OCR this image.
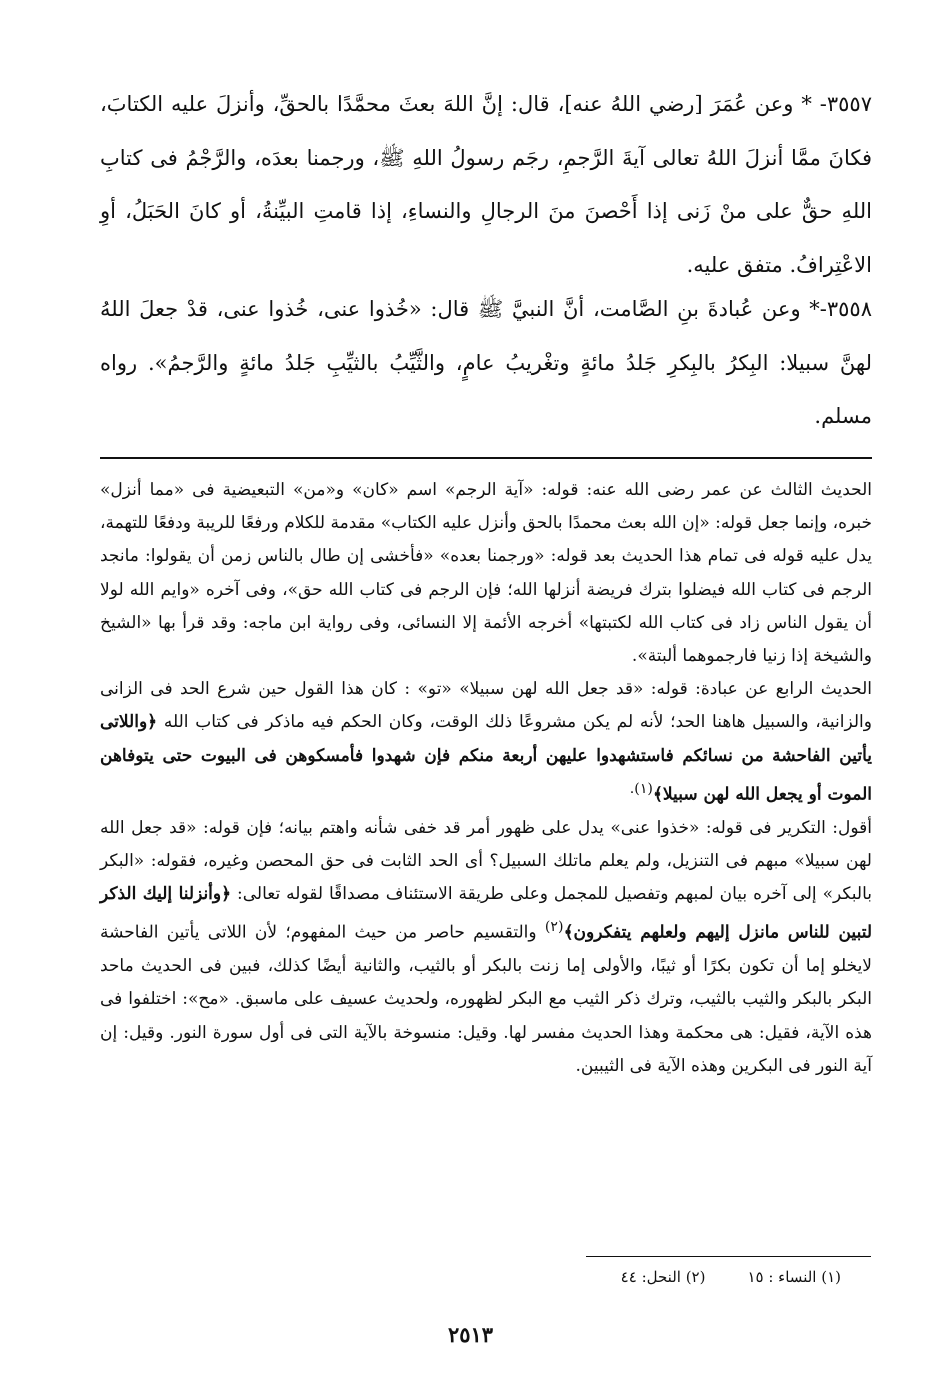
٣٥٥٧- * وعن عُمَرَ [رضي اللهُ عنه]، قال: إنَّ اللهَ بعثَ محمَّدًا بالحقِّ، وأنزلَ عليه الكتابَ، فكانَ ممَّا أنزلَ اللهُ تعالى آيةَ الرَّجمِ، رجَم رسولُ اللهِ ﷺ، ورجمنا بعدَه، والرَّجْمُ فى كتابِ اللهِ حقٌّ على منْ زَنى إذا أَحْصنَ منَ الرجالِ والنساءِ، إذا قامتِ البيِّنةُ، أو كانَ الحَبَلُ، أوِ الاعْتِرافُ. متفق عليه.

٣٥٥٨-* وعن عُبادةَ بنِ الصَّامت، أنَّ النبيَّ ﷺ قال: «خُذوا عنى، خُذوا عنى، قدْ جعلَ اللهُ لهنَّ سبيلا: البِكرُ بالبِكرِ جَلدُ مائةٍ وتغْريبُ عامٍ، والثَّيِّبُ بالثيِّبِ جَلدُ مائةٍ والرَّجمُ». رواه مسلم.

الحديث الثالث عن عمر رضى الله عنه: قوله: «آية الرجم» اسم «كان» و«من» التبعيضية فى «مما أنزل» خبره، وإنما جعل قوله: «إن الله بعث محمدًا بالحق وأنزل عليه الكتاب» مقدمة للكلام ورفعًا للريبة ودفعًا للتهمة، يدل عليه قوله فى تمام هذا الحديث بعد قوله: «ورجمنا بعده» «فأخشى إن طال بالناس زمن أن يقولوا: مانجد الرجم فى كتاب الله فيضلوا بترك فريضة أنزلها الله؛ فإن الرجم فى كتاب الله حق»، وفى آخره «وايم الله لولا أن يقول الناس زاد فى كتاب الله لكتبتها» أخرجه الأئمة إلا النسائى، وفى رواية ابن ماجه: وقد قرأ بها «الشيخ والشيخة إذا زنيا فارجموهما ألبتة».

الحديث الرابع عن عبادة: قوله: «قد جعل الله لهن سبيلا» «تو» : كان هذا القول حين شرع الحد فى الزانى والزانية، والسبيل هاهنا الحد؛ لأنه لم يكن مشروعًا ذلك الوقت، وكان الحكم فيه ماذكر فى كتاب الله ﴿واللاتى يأتين الفاحشة من نسائكم فاستشهدوا عليهن أربعة منكم فإن شهدوا فأمسكوهن فى البيوت حتى يتوفاهن الموت أو يجعل الله لهن سبيلا﴾$^{(١).}$

أقول: التكرير فى قوله: «خذوا عنى» يدل على ظهور أمر قد خفى شأنه واهتم بيانه؛ فإن قوله: «قد جعل الله لهن سبيلا» مبهم فى التنزيل، ولم يعلم ماتلك السبيل؟ أى الحد الثابت فى حق المحصن وغيره، فقوله: «البكر بالبكر» إلى آخره بيان لمبهم وتفصيل للمجمل وعلى طريقة الاستئناف مصداقًا لقوله تعالى: ﴿وأنزلنا إليك الذكر لتبين للناس مانزل إليهم ولعلهم يتفكرون﴾$^{(٢)}$ والتقسيم حاصر من حيث المفهوم؛ لأن اللاتى يأتين الفاحشة لايخلو إما أن تكون بكرًا أو ثيبًا، والأولى إما زنت بالبكر أو بالثيب، والثانية أيضًا كذلك، فبين فى الحديث ماحد البكر بالبكر والثيب بالثيب، وترك ذكر الثيب مع البكر لظهوره، ولحديث عسيف على ماسبق. «مح»: اختلفوا فى هذه الآية، فقيل: هى محكمة وهذا الحديث مفسر لها. وقيل: منسوخة بالآية التى فى أول سورة النور. وقيل: إن آية النور فى البكرين وهذه الآية فى الثيبين.

(١) النساء : ١٥(٢) النحل: ٤٤
٢٥١٣
